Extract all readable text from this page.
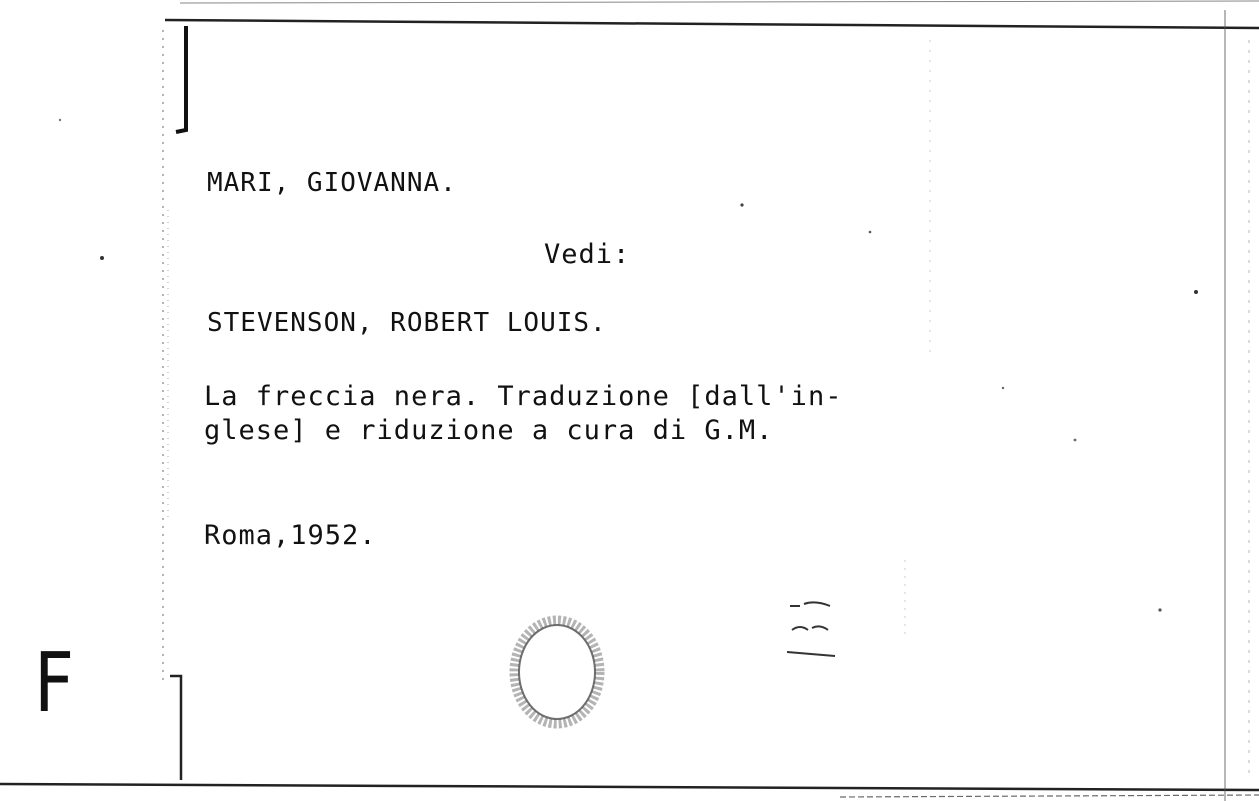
MARI, GIOVANNA.
Vedi:
STEVENSON, ROBERT LOUIS.
La freccia nera. Traduzione [dall'in-
glese] e riduzione a cura di G.M.
Roma,1952.
F
